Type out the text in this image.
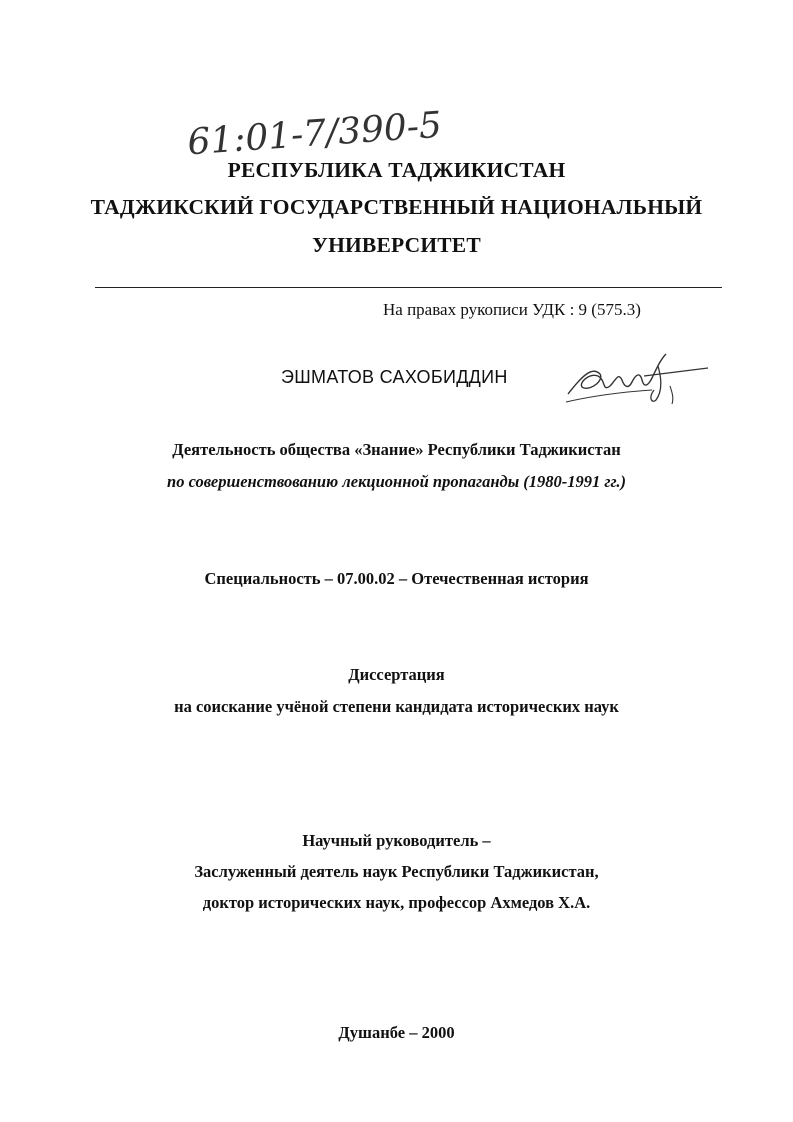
61:01-7/390-5
РЕСПУБЛИКА ТАДЖИКИСТАН
ТАДЖИКСКИЙ ГОСУДАРСТВЕННЫЙ НАЦИОНАЛЬНЫЙ
УНИВЕРСИТЕТ
На правах рукописи УДК : 9 (575.3)
ЭШМАТОВ САХОБИДДИН
Деятельность общества «Знание» Республики Таджикистан
по совершенствованию лекционной пропаганды (1980-1991 гг.)
Специальность – 07.00.02 – Отечественная история
Диссертация
на соискание учёной степени кандидата исторических наук
Научный руководитель –
Заслуженный деятель наук Республики Таджикистан,
доктор исторических наук, профессор Ахмедов Х.А.
Душанбе – 2000
